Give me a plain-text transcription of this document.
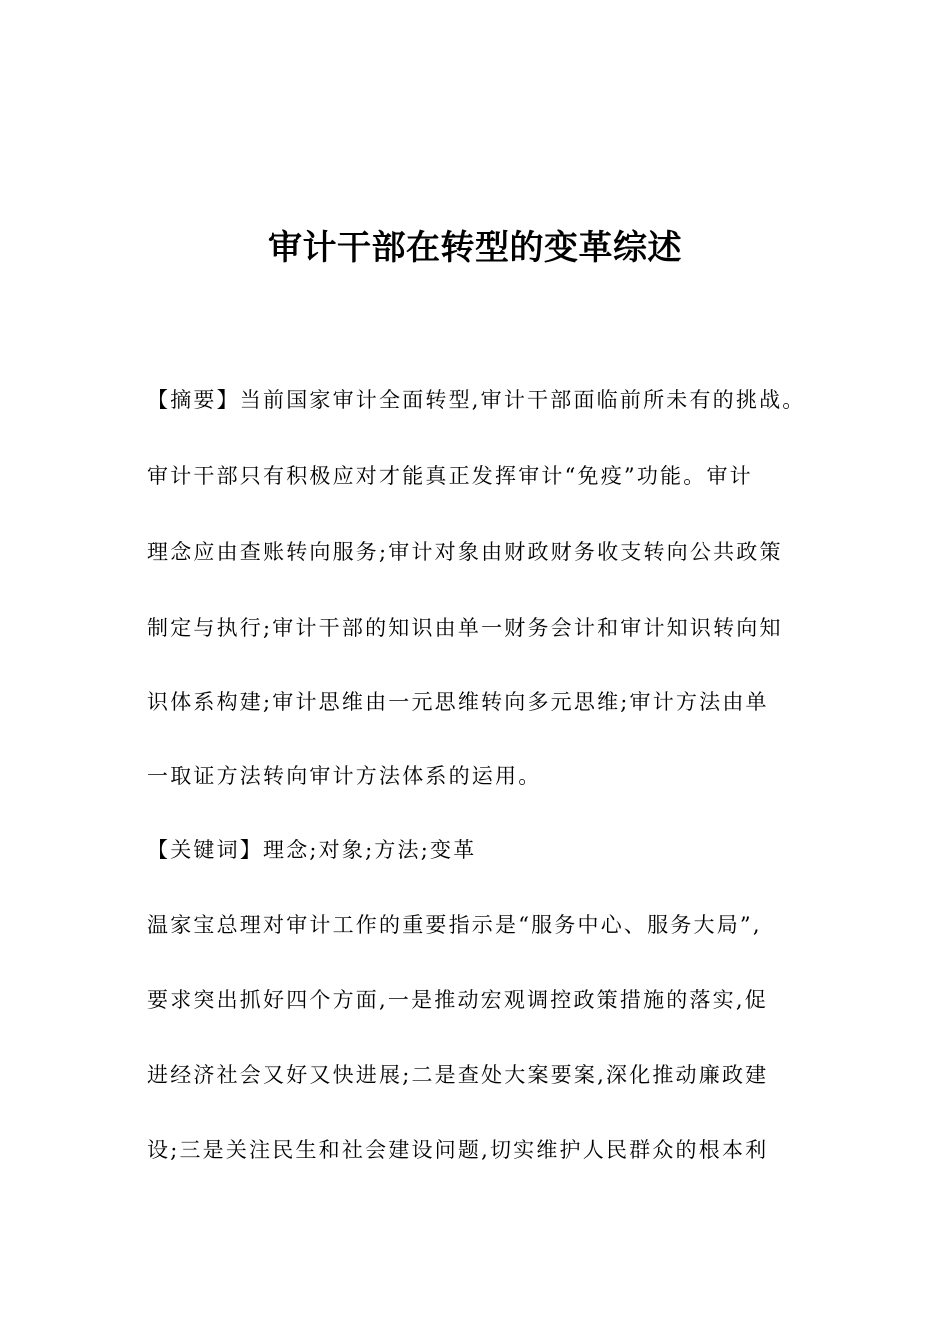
审计干部在转型的变革综述
【摘要】当前国家审计全面转型,审计干部面临前所未有的挑战。
审计干部只有积极应对才能真正发挥审计“免疫”功能。审计
理念应由查账转向服务;审计对象由财政财务收支转向公共政策
制定与执行;审计干部的知识由单一财务会计和审计知识转向知
识体系构建;审计思维由一元思维转向多元思维;审计方法由单
一取证方法转向审计方法体系的运用。
【关键词】理念;对象;方法;变革
温家宝总理对审计工作的重要指示是“服务中心、服务大局”,
要求突出抓好四个方面,一是推动宏观调控政策措施的落实,促
进经济社会又好又快进展;二是查处大案要案,深化推动廉政建
设;三是关注民生和社会建设问题,切实维护人民群众的根本利
